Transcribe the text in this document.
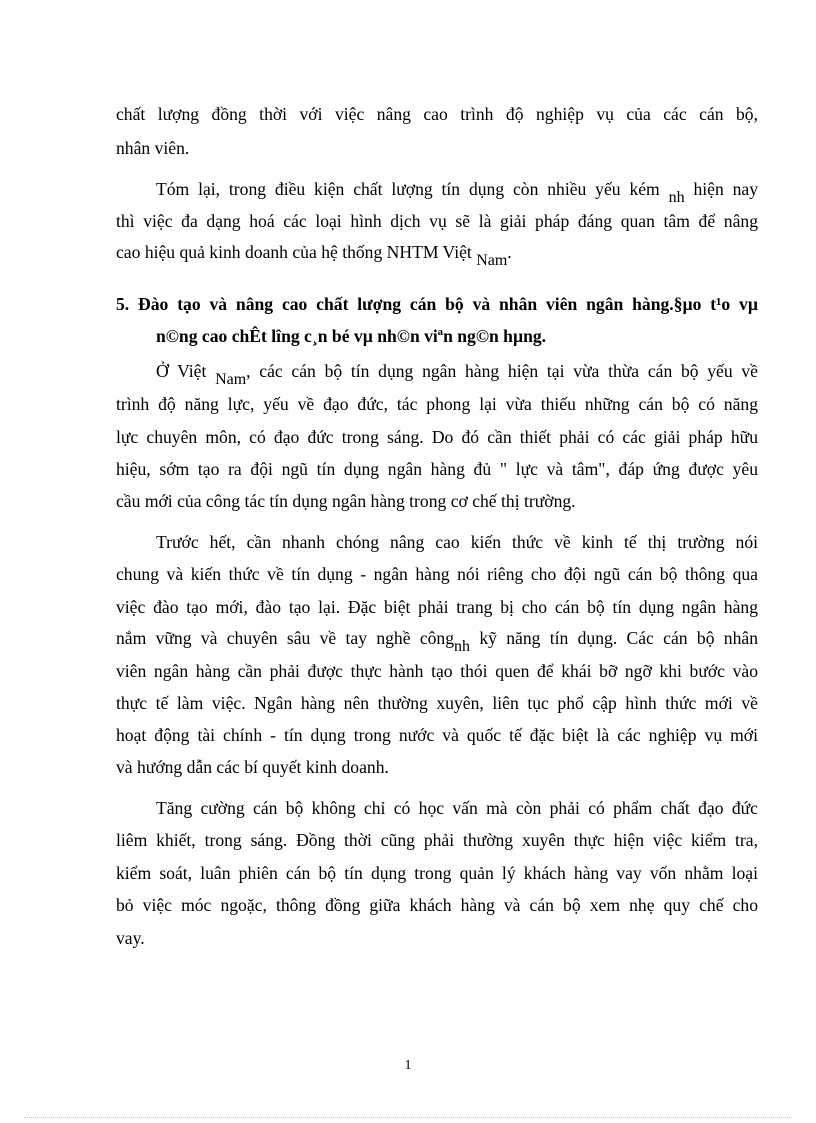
chất lượng đồng thời với việc nâng cao trình độ nghiệp vụ của các cán bộ,
nhân viên.
Tóm lại, trong điều kiện chất lượng tín dụng còn nhiều yếu kém nh hiện nay
thì việc đa dạng hoá các loại hình dịch vụ sẽ là giải pháp đáng quan tâm để nâng
cao hiệu quả kinh doanh của hệ thống NHTM Việt Nam.
5. Đào tạo và nâng cao chất lượng cán bộ và nhân viên ngân hàng.§µo t¹o vµ
n©ng cao chÊt lîng c¸n bé vµ nh©n viªn ng©n hµng.
Ở Việt Nam, các cán bộ tín dụng ngân hàng hiện tại vừa thừa cán bộ yếu về
trình độ năng lực, yếu về đạo đức, tác phong lại vừa thiếu những cán bộ có năng
lực chuyên môn, có đạo đức trong sáng. Do đó cần thiết phải có các giải pháp hữu
hiệu, sớm tạo ra đội ngũ tín dụng ngân hàng đủ " lực và tâm", đáp ứng được yêu
cầu mới của công tác tín dụng ngân hàng trong cơ chế thị trường.
Trước hết, cần nhanh chóng nâng cao kiến thức về kinh tế thị trường nói
chung và kiến thức về tín dụng - ngân hàng nói riêng cho đội ngũ cán bộ thông qua
việc đào tạo mới, đào tạo lại. Đặc biệt phải trang bị cho cán bộ tín dụng ngân hàng
nắm vững và chuyên sâu về tay nghề côngnh kỹ năng tín dụng. Các cán bộ nhân
viên ngân hàng cần phải được thực hành tạo thói quen để khái bỡ ngỡ khi bước vào
thực tế làm việc. Ngân hàng nên thường xuyên, liên tục phổ cập hình thức mới về
hoạt động tài chính - tín dụng trong nước và quốc tế đặc biệt là các nghiệp vụ mới
và hướng dẫn các bí quyết kinh doanh.
Tăng cường cán bộ không chỉ có học vấn mà còn phải có phẩm chất đạo đức
liêm khiết, trong sáng. Đồng thời cũng phải thường xuyên thực hiện việc kiểm tra,
kiểm soát, luân phiên cán bộ tín dụng trong quản lý khách hàng vay vốn nhằm loại
bỏ việc móc ngoặc, thông đồng giữa khách hàng và cán bộ xem nhẹ quy chế cho
vay.
1
